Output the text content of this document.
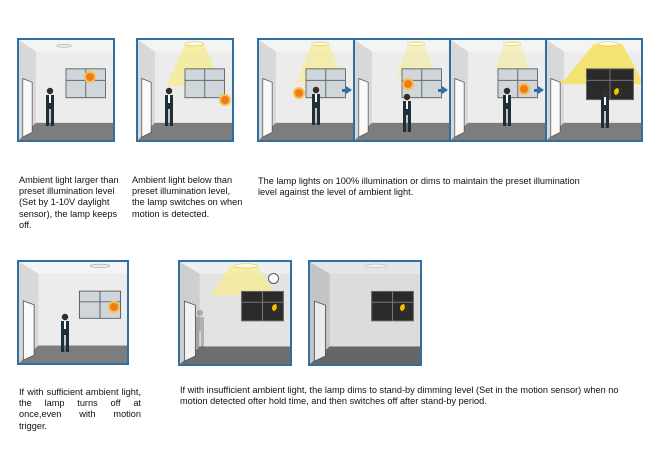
Ambient light larger than preset illumination level (Set by 1-10V daylight sensor), the lamp keeps off.

Ambient light below than preset illumination level, the lamp switches on when motion is detected.

The lamp lights on 100% illumination or dims to maintain the preset illumination level against the level of ambient light.

If with sufficient ambient light, the lamp turns off at once,even with motion trigger.

If with insufficient ambient light, the lamp dims to stand-by dimming level (Set in the motion sensor) when no motion detected ofter hold time, and then switches off after stand-by period.
